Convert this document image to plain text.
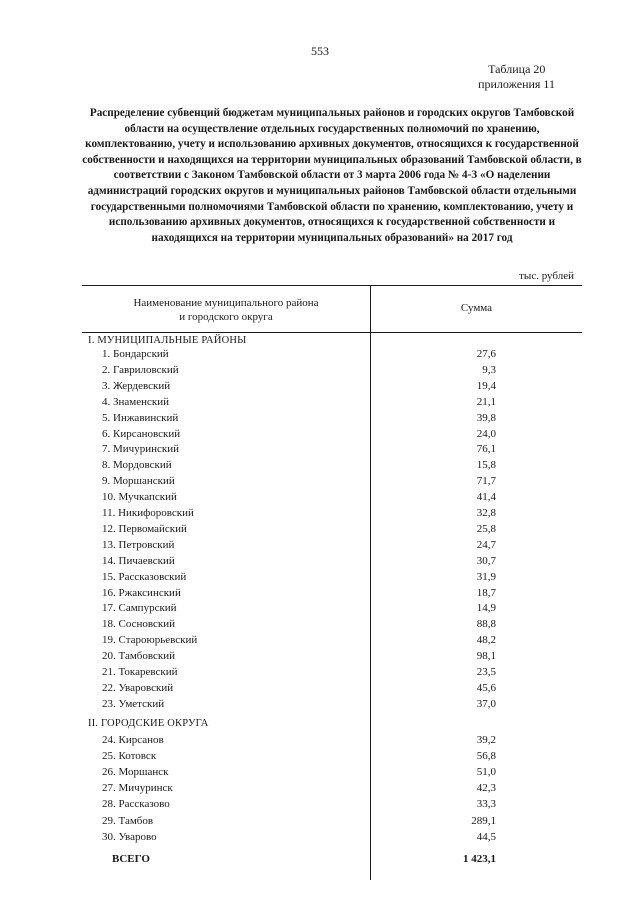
553
Таблица 20
приложения 11
Распределение субвенций бюджетам муниципальных районов и городских округов Тамбовской области на осуществление отдельных государственных полномочий по хранению, комплектованию, учету и использованию архивных документов, относящихся к государственной собственности и находящихся на территории муниципальных образований Тамбовской области, в соответствии с Законом Тамбовской области от 3 марта 2006 года № 4-З «О наделении администраций городских округов и муниципальных районов Тамбовской области отдельными государственными полномочиями Тамбовской области по хранению, комплектованию, учету и использованию архивных документов, относящихся к государственной собственности и находящихся на территории муниципальных образований» на 2017 год
тыс. рублей
Наименование муниципального района
и городского округа
Сумма
I. МУНИЦИПАЛЬНЫЕ РАЙОНЫ
1. Бондарский	27,6
2. Гавриловский	9,3
3. Жердевский	19,4
4. Знаменский	21,1
5. Инжавинский	39,8
6. Кирсановский	24,0
7. Мичуринский	76,1
8. Мордовский	15,8
9. Моршанский	71,7
10. Мучкапский	41,4
11. Никифоровский	32,8
12. Первомайский	25,8
13. Петровский	24,7
14. Пичаевский	30,7
15. Рассказовский	31,9
16. Ржаксинский	18,7
17. Сампурский	14,9
18. Сосновский	88,8
19. Староюрьевский	48,2
20. Тамбовский	98,1
21. Токаревский	23,5
22. Уваровский	45,6
23. Уметский	37,0
II. ГОРОДСКИЕ ОКРУГА
24. Кирсанов	39,2
25. Котовск	56,8
26. Моршанск	51,0
27. Мичуринск	42,3
28. Рассказово	33,3
29. Тамбов	289,1
30. Уварово	44,5
ВСЕГО	1 423,1
